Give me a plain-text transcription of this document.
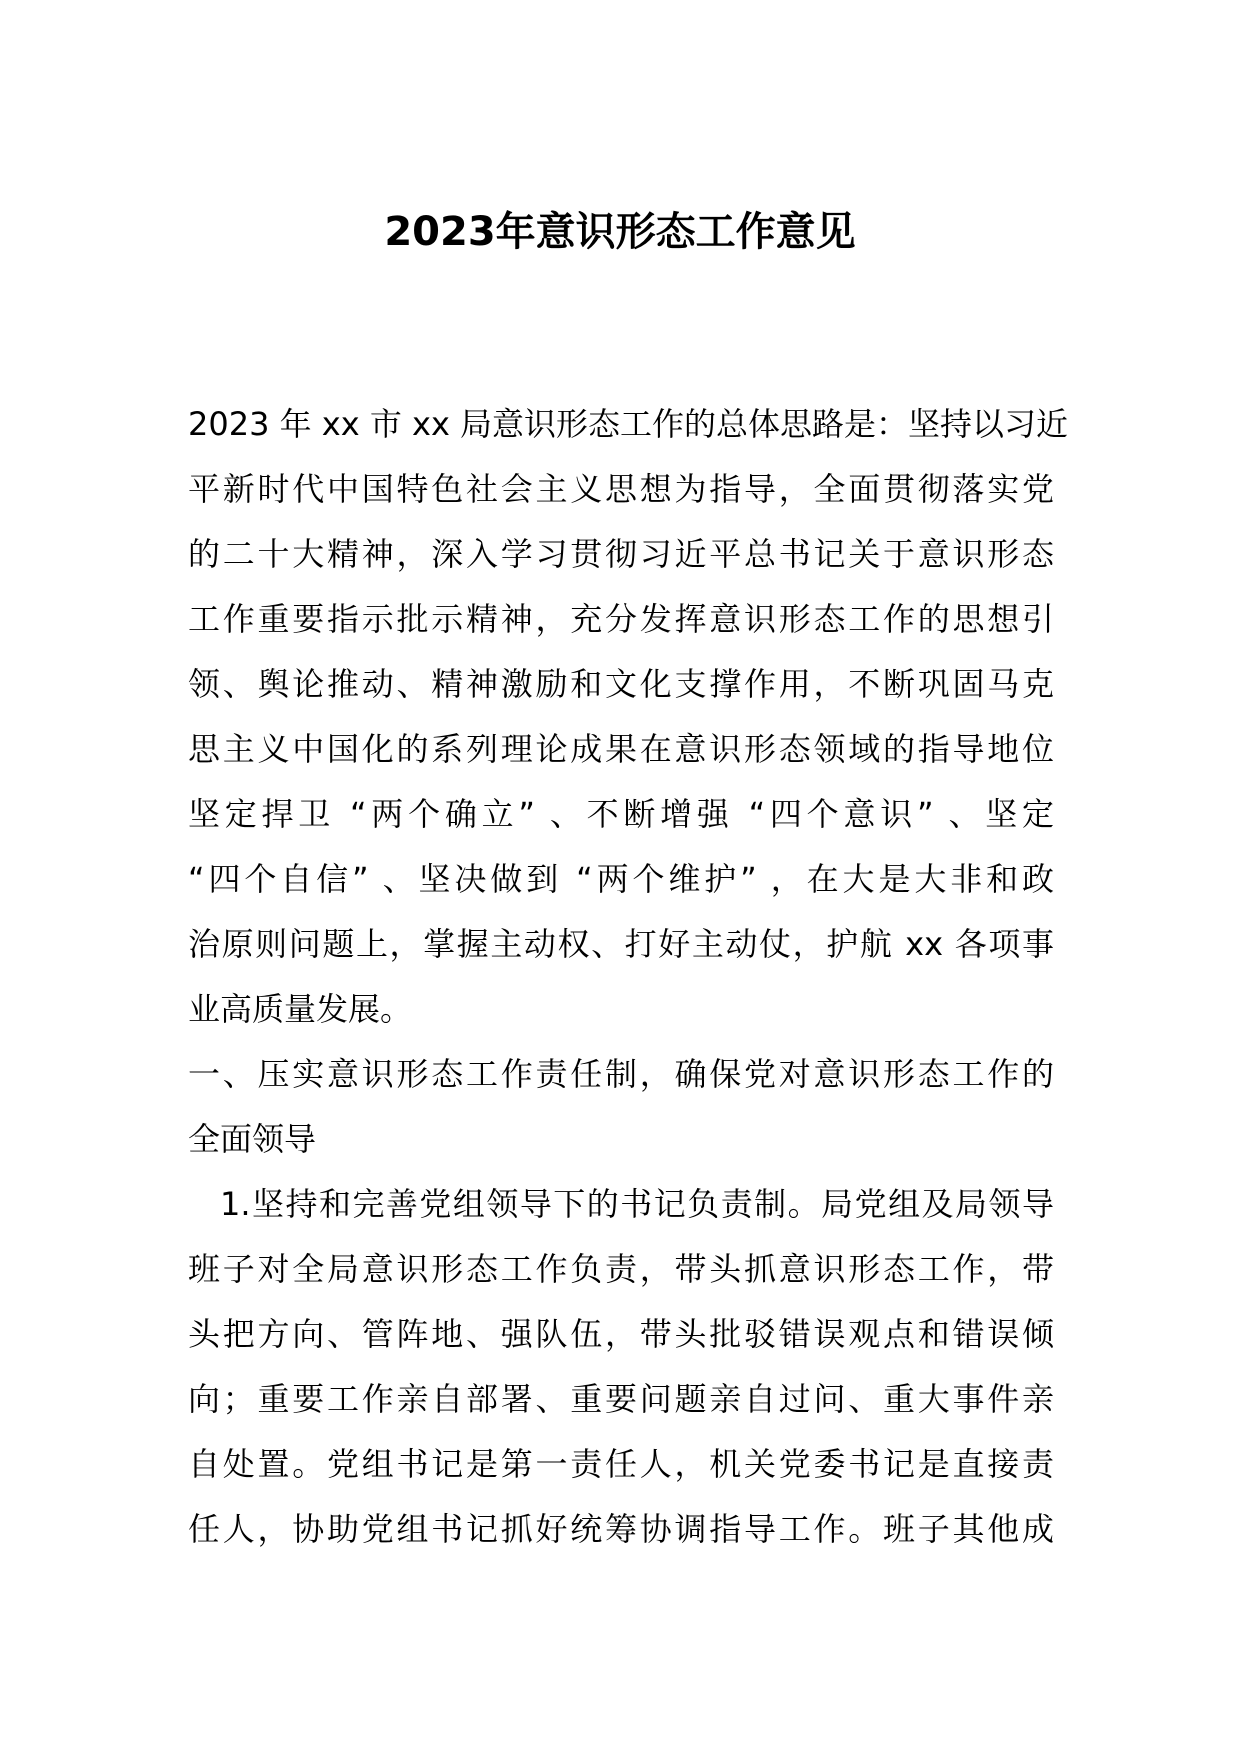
2023年意识形态工作意见

2023 年 xx 市 xx 局意识形态工作的总体思路是：坚持以习近

平新时代中国特色社会主义思想为指导，全面贯彻落实党

的二十大精神，深入学习贯彻习近平总书记关于意识形态

工作重要指示批示精神，充分发挥意识形态工作的思想引

领、舆论推动、精神激励和文化支撑作用，不断巩固马克

思主义中国化的系列理论成果在意识形态领域的指导地位

坚定捍卫 “两个确立” 、不断增强 “四个意识” 、坚定

“四个自信” 、坚决做到 “两个维护” ，在大是大非和政

治原则问题上，掌握主动权、打好主动仗，护航 xx 各项事

业高质量发展。

一、压实意识形态工作责任制，确保党对意识形态工作的

全面领导

1.坚持和完善党组领导下的书记负责制。局党组及局领导

班子对全局意识形态工作负责，带头抓意识形态工作，带

头把方向、管阵地、强队伍，带头批驳错误观点和错误倾

向；重要工作亲自部署、重要问题亲自过问、重大事件亲

自处置。党组书记是第一责任人，机关党委书记是直接责

任人，协助党组书记抓好统筹协调指导工作。班子其他成
